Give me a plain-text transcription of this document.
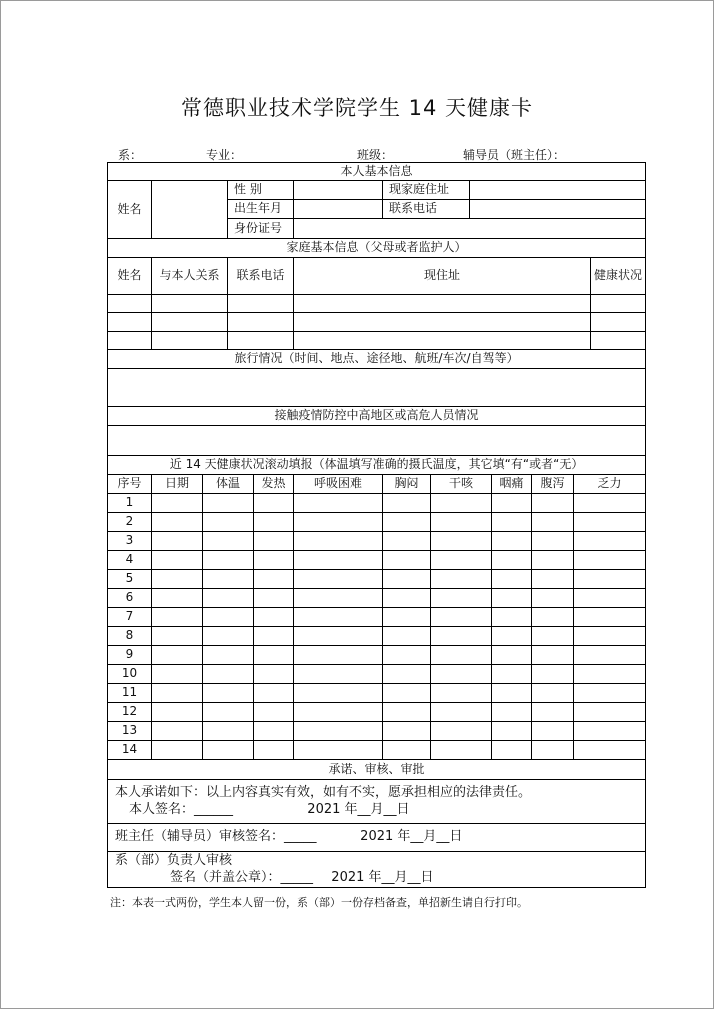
常德职业技术学院学生 14 天健康卡
系：	专业：	班级：	辅导员（班主任）：
本人基本信息												
姓名			性 别			现家庭住址						
			出生年月			联系电话						
			身份证号									
家庭基本信息（父母或者监护人）												
姓名	与本人关系		联系电话		现住址							健康状况

旅行情况（时间、地点、途径地、航班/车次/自驾等）												

接触疫情防控中高地区或高危人员情况												

近 14 天健康状况滚动填报（体温填写准确的摄氏温度，其它填“有“或者“无）												
序号	日期	体温		发热	呼吸困难	胸闷	干咳		咽痛	腹泻	乏力	
1												
2												
3												
4												
5												
6												
7												
8												
9												
10												
11												
12												
13												
14												
承诺、审核、审批												

本人承诺如下：以上内容真实有效，如有不实，愿承担相应的法律责任。
本人签名：______ 2021 年__月__日												

班主任（辅导员）审核签名：_____ 2021 年__月__日												

系（部）负责人审核
签名（并盖公章）：_____ 2021 年__月__日												
注：本表一式两份，学生本人留一份，系（部）一份存档备查，单招新生请自行打印。
